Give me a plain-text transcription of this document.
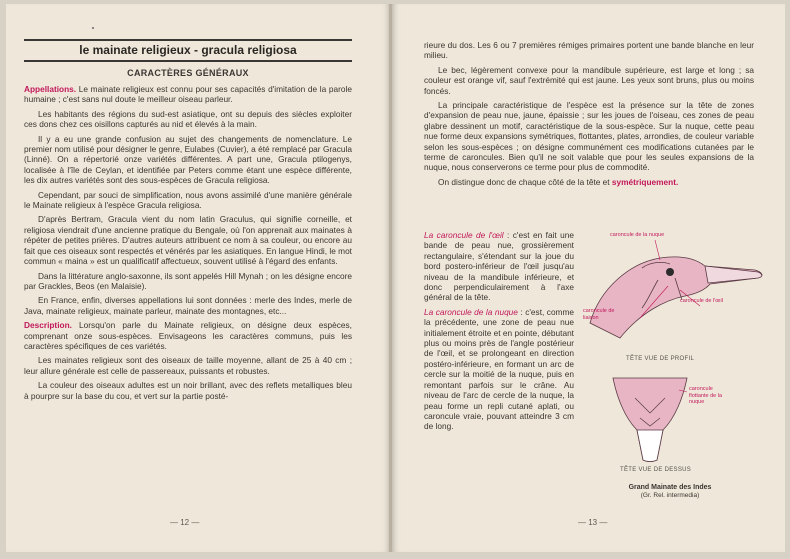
le mainate religieux - gracula religiosa
CARACTÈRES GÉNÉRAUX

Appellations. Le mainate religieux est connu pour ses capacités d'imitation de la parole humaine ; c'est sans nul doute le meilleur oiseau parleur.

Les habitants des régions du sud-est asiatique, ont su depuis des siècles exploiter ces dons chez ces oisillons capturés au nid et élevés à la main.

Il y a eu une grande confusion au sujet des changements de nomenclature. Le premier nom utilisé pour désigner le genre, Eulabes (Cuvier), a été remplacé par Gracula (Linné). On a répertorié onze variétés différentes. A part une, Gracula ptilogenys, localisée à l'île de Ceylan, et identifiée par Peters comme étant une espèce différente, les dix autres variétés sont des sous-espèces de Gracula religiosa.

Cependant, par souci de simplification, nous avons assimilé d'une manière générale le Mainate religieux à l'espèce Gracula religiosa.

D'après Bertram, Gracula vient du nom latin Graculus, qui signifie corneille, et religiosa viendrait d'une ancienne pratique du Bengale, où l'on apprenait aux mainates à répéter de petites prières. D'autres auteurs attribuent ce nom à sa couleur, ou encore au fait que ces oiseaux sont respectés et vénérés par les asiatiques. En langue Hindi, le mot commun « maina » est un qualificatif affectueux, souvent utilisé à l'égard des enfants.

Dans la littérature anglo-saxonne, ils sont appelés Hill Mynah ; on les désigne encore par Grackles, Beos (en Malaisie).

En France, enfin, diverses appellations lui sont données : merle des Indes, merle de Java, mainate religieux, mainate parleur, mainate des montagnes, etc...

Description. Lorsqu'on parle du Mainate religieux, on désigne deux espèces, comprenant onze sous-espèces. Envisageons les caractères communs, puis les caractères spécifiques de ces variétés.

Les mainates religieux sont des oiseaux de taille moyenne, allant de 25 à 40 cm ; leur allure générale est celle de passereaux, puissants et robustes.

La couleur des oiseaux adultes est un noir brillant, avec des reflets metalliques bleu à pourpre sur la base du cou, et vert sur la partie posté-

— 12 —

rieure du dos. Les 6 ou 7 premières rémiges primaires portent une bande blanche en leur milieu.

Le bec, légèrement convexe pour la mandibule supérieure, est large et long ; sa couleur est orange vif, sauf l'extrémité qui est jaune. Les yeux sont bruns, plus ou moins foncés.

La principale caractéristique de l'espèce est la présence sur la tête de zones d'expansion de peau nue, jaune, épaissie ; sur les joues de l'oiseau, ces zones de peau glabre dessinent un motif, caractéristique de la sous-espèce. Sur la nuque, cette peau nue forme deux expansions symétriques, flottantes, plates, arrondies, de couleur variable selon les sous-espèces ; on désigne communément ces modifications cutanées par le terme de caroncules. Bien qu'il ne soit valable que pour les seules expansions de la nuque, nous conserverons ce terme pour plus de commodité.

On distingue donc de chaque côté de la tête et symétriquement.

La caroncule de l'œil : c'est en fait une bande de peau nue, grossièrement rectangulaire, s'étendant sur la joue du bord postero-inférieur de l'œil jusqu'au niveau de la mandibule inférieure, et donc perpendiculairement à l'axe général de la tête.

La caroncule de la nuque : c'est, comme la précédente, une zone de peau nue initialement étroite et en pointe, débutant plus ou moins près de l'angle postérieur de l'œil, et se prolongeant en direction postéro-inférieure, en formant un arc de cercle sur la moitié de la nuque, puis en remontant parfois sur le crâne. Au niveau de l'arc de cercle de la nuque, la peau forme un repli cutané aplati, ou caroncule vraie, pouvant atteindre 3 cm de long.

caroncule de la nuque
caroncule de l'œil
caroncule de liaison
TÊTE VUE DE PROFIL
caroncule flottante de la nuque
TÊTE VUE DE DESSUS
Grand Mainate des Indes
(Gr. Rel. intermedia)
— 13 —
